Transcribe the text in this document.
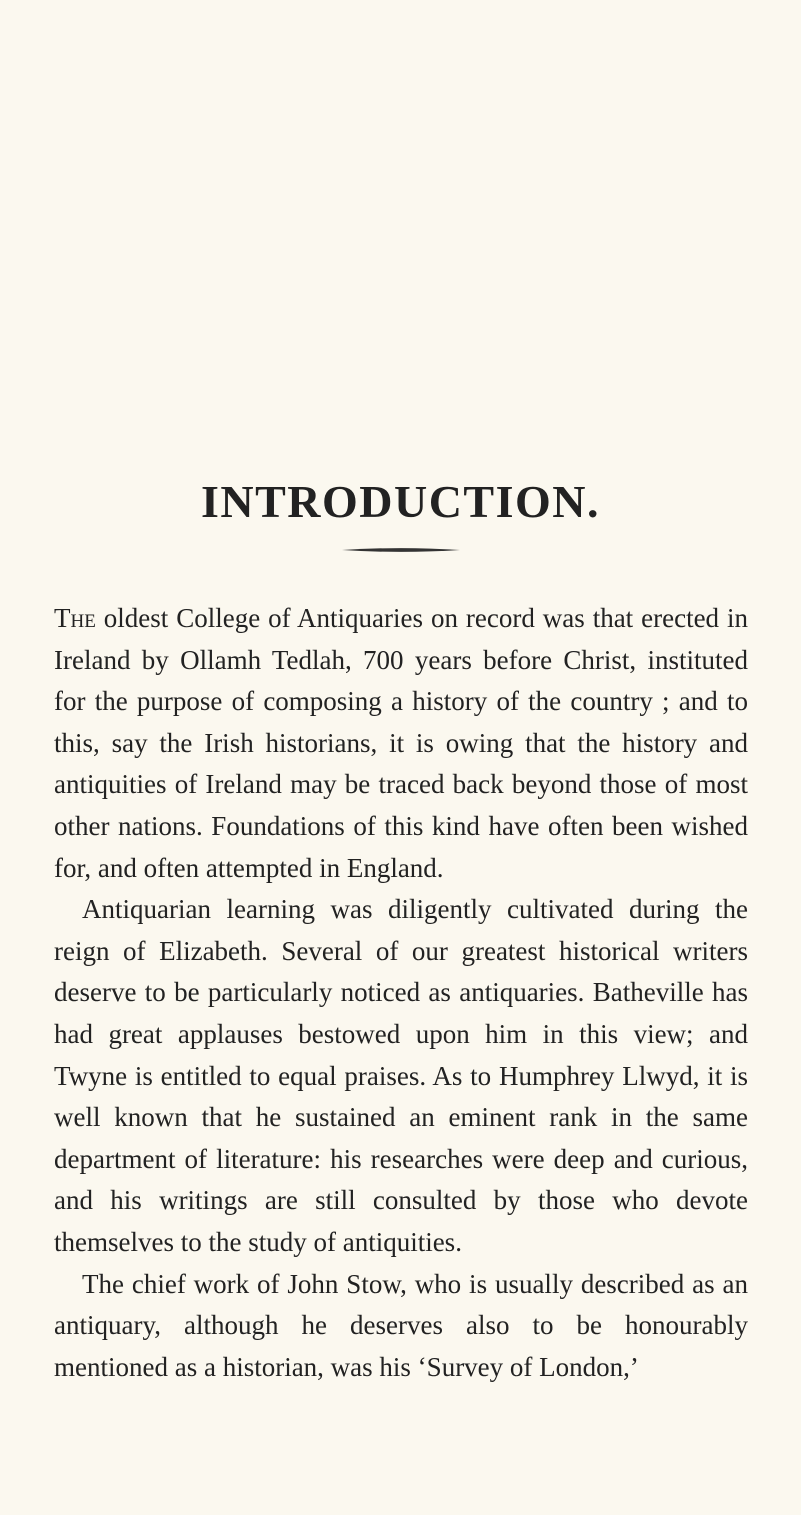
INTRODUCTION.

The oldest College of Antiquaries on record was that erected in Ireland by Ollamh Tedlah, 700 years before Christ, instituted for the purpose of composing a history of the country ; and to this, say the Irish historians, it is owing that the history and antiquities of Ireland may be traced back beyond those of most other nations. Foundations of this kind have often been wished for, and often attempted in England.

Antiquarian learning was diligently cultivated during the reign of Elizabeth. Several of our greatest historical writers deserve to be particularly noticed as antiquaries. Batheville has had great applauses bestowed upon him in this view; and Twyne is entitled to equal praises. As to Humphrey Llwyd, it is well known that he sustained an eminent rank in the same department of literature: his researches were deep and curious, and his writings are still consulted by those who devote themselves to the study of antiquities.

The chief work of John Stow, who is usually described as an antiquary, although he deserves also to be honourably mentioned as a historian, was his ‘Survey of London,’
